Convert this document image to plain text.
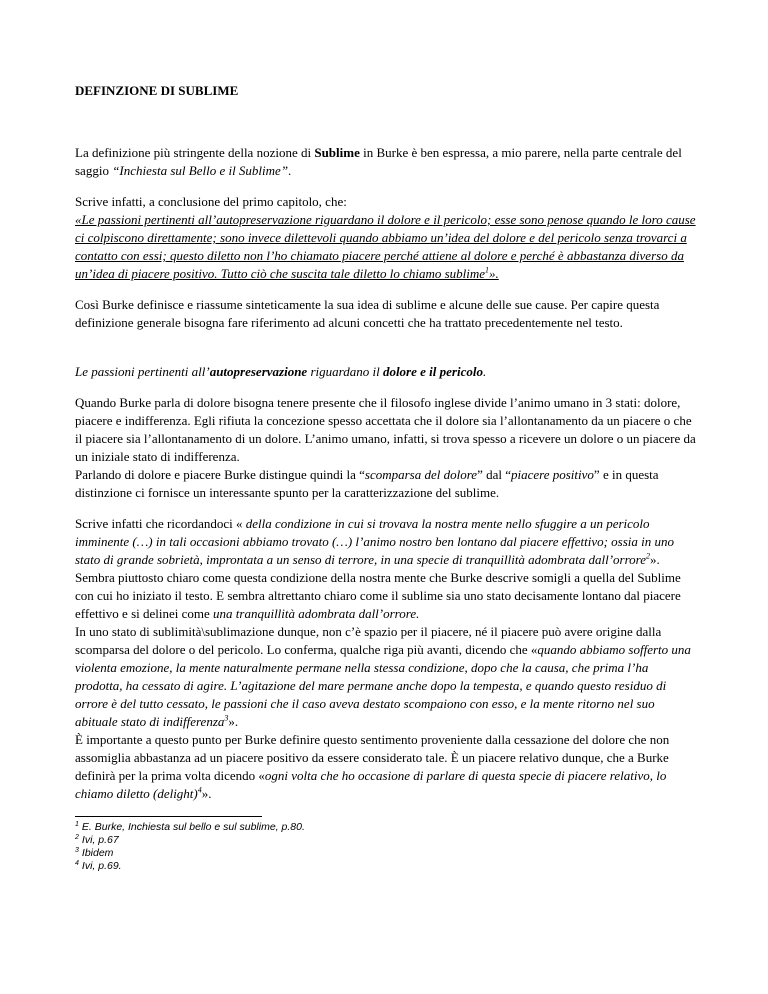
DEFINZIONE DI SUBLIME

La definizione più stringente della nozione di Sublime in Burke è ben espressa, a mio parere, nella parte centrale del saggio “Inchiesta sul Bello e il Sublime”.

Scrive infatti, a conclusione del primo capitolo, che:
«Le passioni pertinenti all’autopreservazione riguardano il dolore e il pericolo; esse sono penose quando le loro cause ci colpiscono direttamente; sono invece dilettevoli quando abbiamo un’idea del dolore e del pericolo senza trovarci a contatto con essi; questo diletto non l’ho chiamato piacere perché attiene al dolore e perché è abbastanza diverso da un’idea di piacere positivo. Tutto ciò che suscita tale diletto lo chiamo sublime$^1$».

Così Burke definisce e riassume sinteticamente la sua idea di sublime e alcune delle sue cause. Per capire questa definizione generale bisogna fare riferimento ad alcuni concetti che ha trattato precedentemente nel testo.

Le passioni pertinenti all’autopreservazione riguardano il dolore e il pericolo.

Quando Burke parla di dolore bisogna tenere presente che il filosofo inglese divide l’animo umano in 3 stati: dolore, piacere e indifferenza. Egli rifiuta la concezione spesso accettata che il dolore sia l’allontanamento da un piacere o che il piacere sia l’allontanamento di un dolore. L’animo umano, infatti, si trova spesso a ricevere un dolore o un piacere da un iniziale stato di indifferenza.
Parlando di dolore e piacere Burke distingue quindi la “scomparsa del dolore” dal “piacere positivo” e in questa distinzione ci fornisce un interessante spunto per la caratterizzazione del sublime.

Scrive infatti che ricordandoci « della condizione in cui si trovava la nostra mente nello sfuggire a un pericolo imminente (…) in tali occasioni abbiamo trovato (…) l’animo nostro ben lontano dal piacere effettivo; ossia in uno stato di grande sobrietà, improntata a un senso di terrore, in una specie di tranquillità adombrata dall’orrore$^2$». Sembra piuttosto chiaro come questa condizione della nostra mente che Burke descrive somigli a quella del Sublime con cui ho iniziato il testo. E sembra altrettanto chiaro come il sublime sia uno stato decisamente lontano dal piacere effettivo e si delinei come una tranquillità adombrata dall’orrore.
In uno stato di sublimità\sublimazione dunque, non c’è spazio per il piacere, né il piacere può avere origine dalla scomparsa del dolore o del pericolo. Lo conferma, qualche riga più avanti, dicendo che «quando abbiamo sofferto una violenta emozione, la mente naturalmente permane nella stessa condizione, dopo che la causa, che prima l’ha prodotta, ha cessato di agire. L’agitazione del mare permane anche dopo la tempesta, e quando questo residuo di orrore è del tutto cessato, le passioni che il caso aveva destato scompaiono con esso, e la mente ritorno nel suo abituale stato di indifferenza$^3$».
È importante a questo punto per Burke definire questo sentimento proveniente dalla cessazione del dolore che non assomiglia abbastanza ad un piacere positivo da essere considerato tale. È un piacere relativo dunque, che a Burke definirà per la prima volta dicendo «ogni volta che ho occasione di parlare di questa specie di piacere relativo, lo chiamo diletto (delight)$^4$».

$^1$ E. Burke, Inchiesta sul bello e sul sublime, p.80.
$^2$ Ivi, p.67
$^3$ Ibidem
$^4$ Ivi, p.69.
